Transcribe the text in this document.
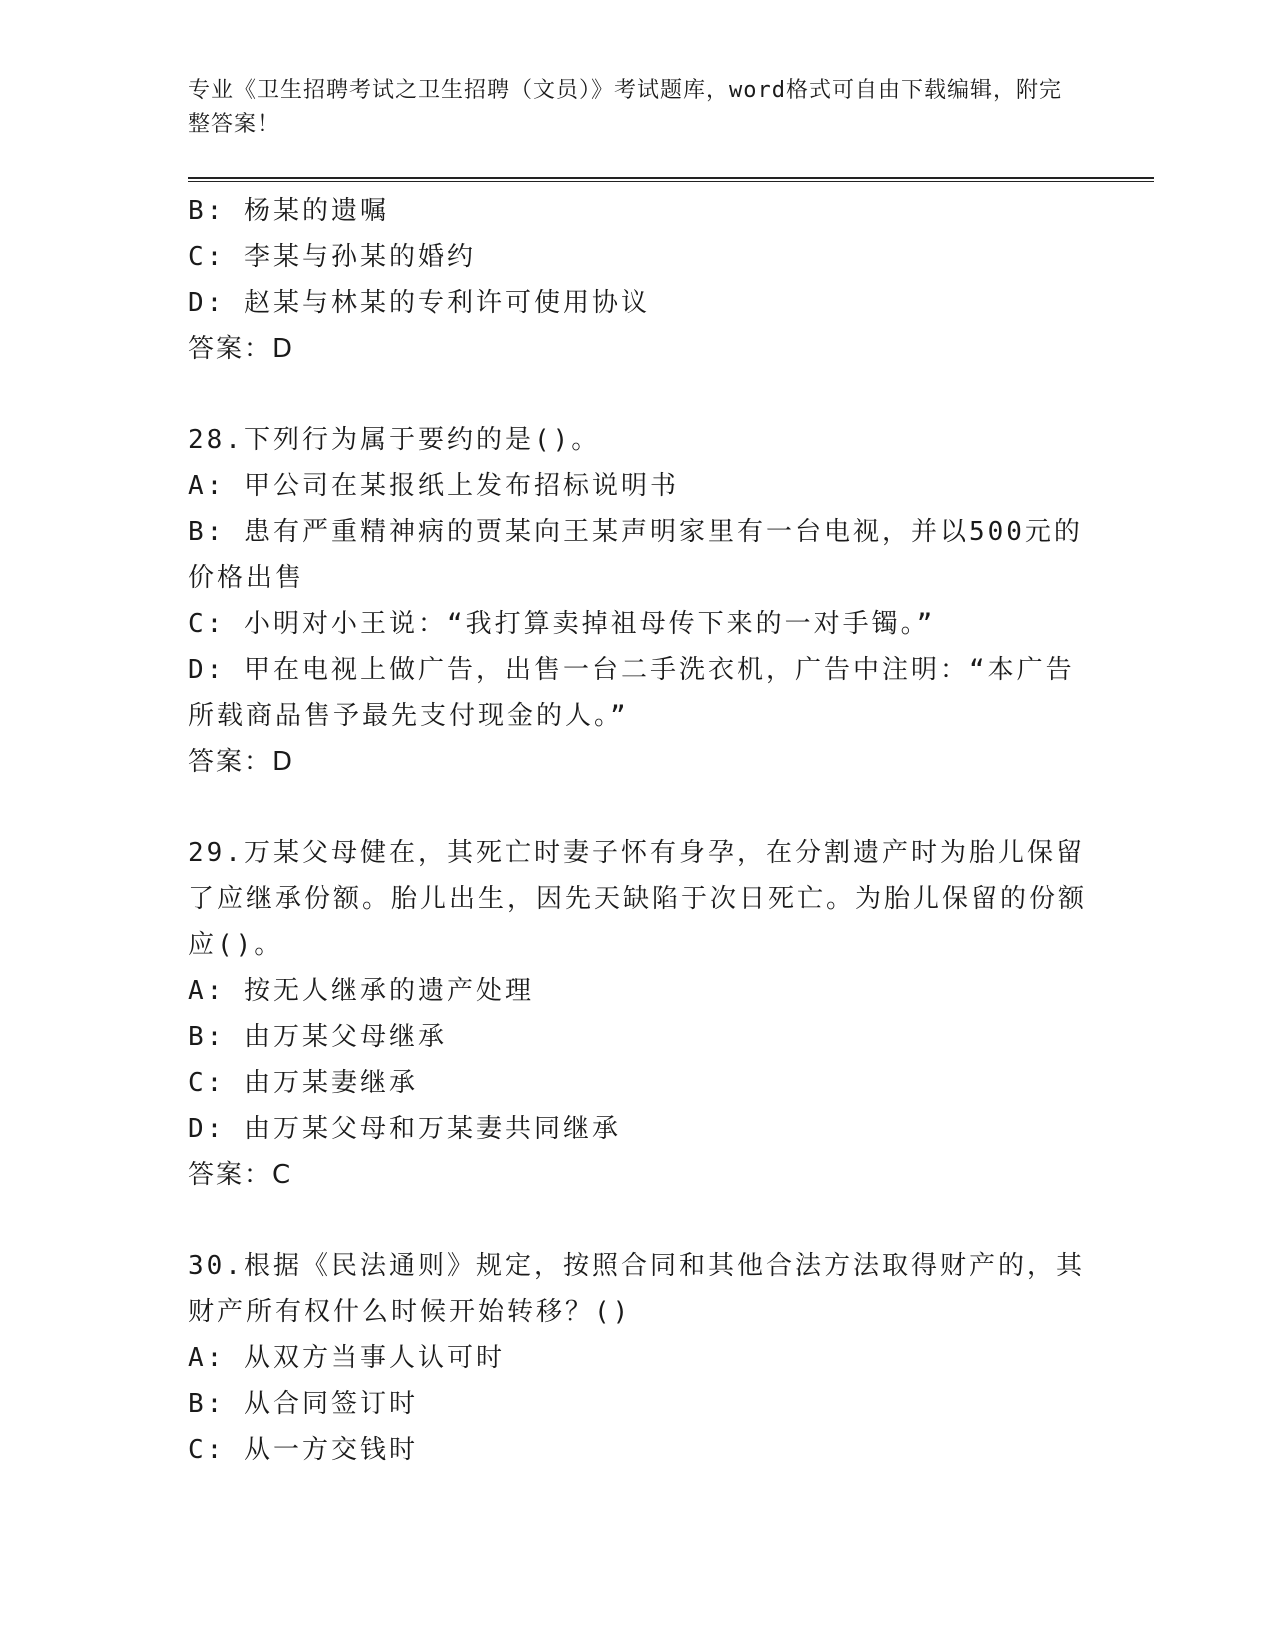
专业《卫生招聘考试之卫生招聘（文员）》考试题库，word格式可自由下载编辑，附完整答案！
B: 杨某的遗嘱
C: 李某与孙某的婚约
D: 赵某与林某的专利许可使用协议
答案：D
28.下列行为属于要约的是()。
A: 甲公司在某报纸上发布招标说明书
B: 患有严重精神病的贾某向王某声明家里有一台电视，并以500元的价格出售
C: 小明对小王说：“我打算卖掉祖母传下来的一对手镯。”
D: 甲在电视上做广告，出售一台二手洗衣机，广告中注明：“本广告所载商品售予最先支付现金的人。”
答案：D
29.万某父母健在，其死亡时妻子怀有身孕，在分割遗产时为胎儿保留了应继承份额。胎儿出生，因先天缺陷于次日死亡。为胎儿保留的份额应()。
A: 按无人继承的遗产处理
B: 由万某父母继承
C: 由万某妻继承
D: 由万某父母和万某妻共同继承
答案：C
30.根据《民法通则》规定，按照合同和其他合法方法取得财产的，其财产所有权什么时候开始转移？()
A: 从双方当事人认可时
B: 从合同签订时
C: 从一方交钱时
